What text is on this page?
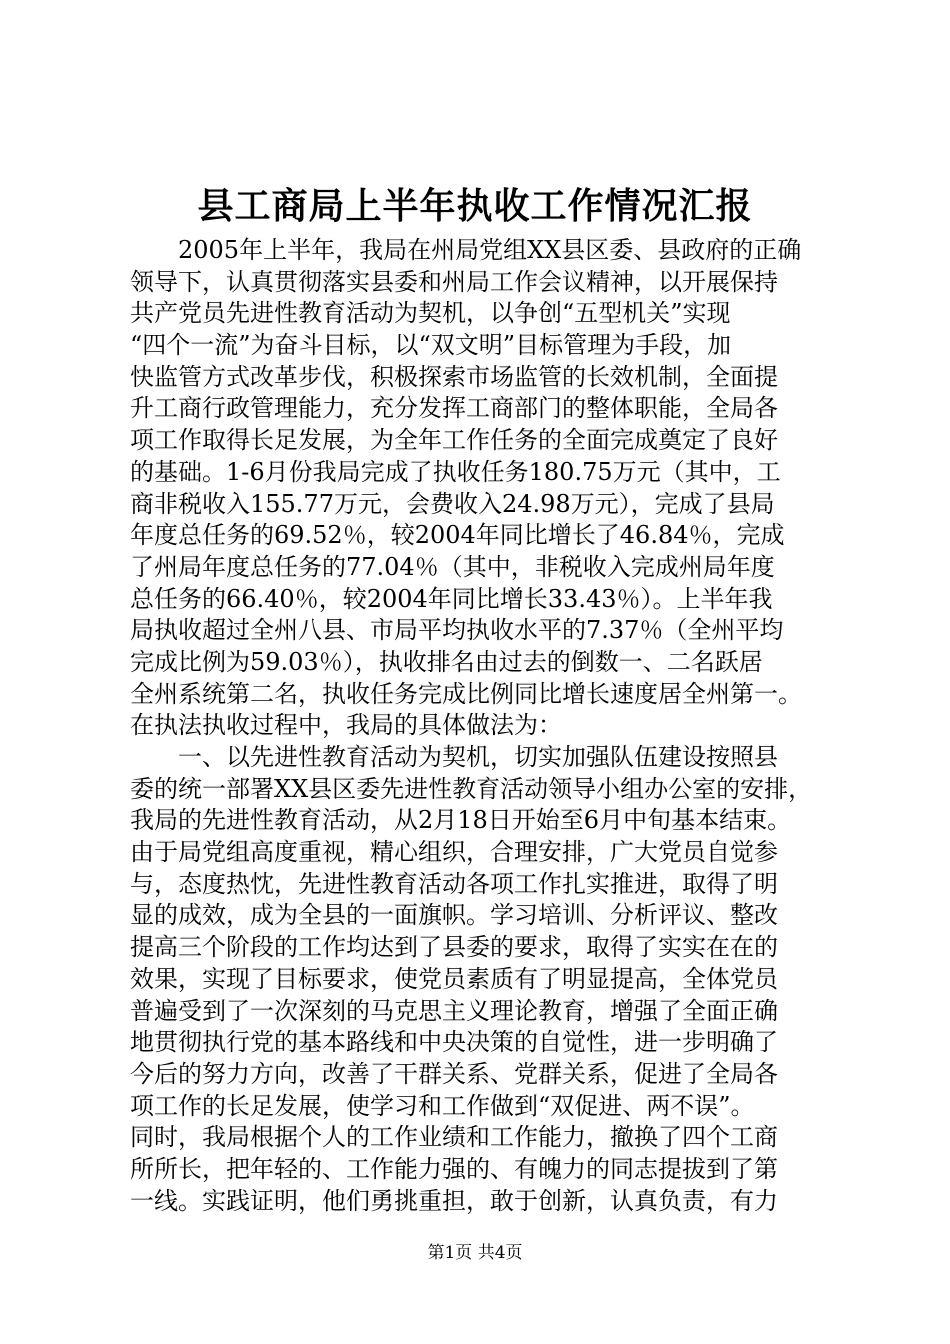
县工商局上半年执收工作情况汇报
　　2005年上半年，我局在州局党组XX县区委、县政府的正确
领导下，认真贯彻落实县委和州局工作会议精神，以开展保持
共产党员先进性教育活动为契机，以争创“五型机关”实现
“四个一流”为奋斗目标，以“双文明”目标管理为手段，加
快监管方式改革步伐，积极探索市场监管的长效机制，全面提
升工商行政管理能力，充分发挥工商部门的整体职能，全局各
项工作取得长足发展，为全年工作任务的全面完成奠定了良好
的基础。1-6月份我局完成了执收任务180.75万元（其中，工
商非税收入155.77万元，会费收入24.98万元），完成了县局
年度总任务的69.52％，较2004年同比增长了46.84％，完成
了州局年度总任务的77.04％（其中，非税收入完成州局年度
总任务的66.40％，较2004年同比增长33.43％）。上半年我
局执收超过全州八县、市局平均执收水平的7.37％（全州平均
完成比例为59.03％），执收排名由过去的倒数一、二名跃居
全州系统第二名，执收任务完成比例同比增长速度居全州第一。
在执法执收过程中，我局的具体做法为：
　　一、以先进性教育活动为契机，切实加强队伍建设按照县
委的统一部署XX县区委先进性教育活动领导小组办公室的安排，
我局的先进性教育活动，从2月18日开始至6月中旬基本结束。
由于局党组高度重视，精心组织，合理安排，广大党员自觉参
与，态度热忱，先进性教育活动各项工作扎实推进，取得了明
显的成效，成为全县的一面旗帜。学习培训、分析评议、整改
提高三个阶段的工作均达到了县委的要求，取得了实实在在的
效果，实现了目标要求，使党员素质有了明显提高，全体党员
普遍受到了一次深刻的马克思主义理论教育，增强了全面正确
地贯彻执行党的基本路线和中央决策的自觉性，进一步明确了
今后的努力方向，改善了干群关系、党群关系，促进了全局各
项工作的长足发展，使学习和工作做到“双促进、两不误”。
同时，我局根据个人的工作业绩和工作能力，撤换了四个工商
所所长，把年轻的、工作能力强的、有魄力的同志提拔到了第
一线。实践证明，他们勇挑重担，敢于创新，认真负责，有力
第1页 共4页
